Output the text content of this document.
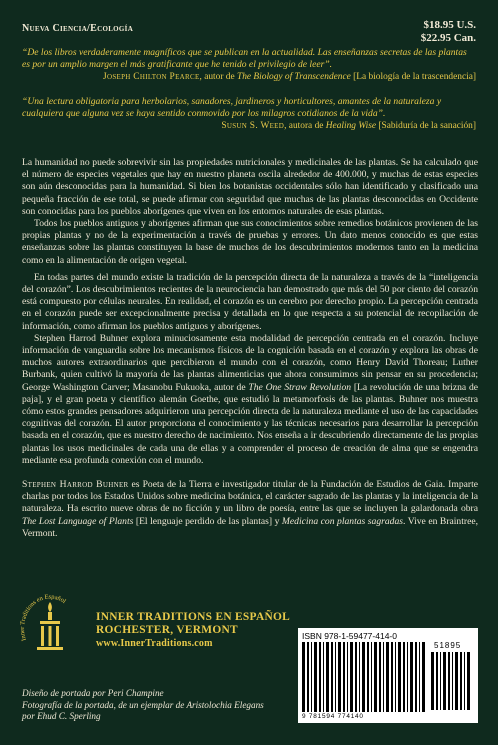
Nueva Ciencia/Ecología	$18.95 U.S.
$22.95 Can.

“De los libros verdaderamente magníficos que se publican en la actualidad. Las enseñanzas secretas de las plantas es por un amplio margen el más gratificante que he tenido el privilegio de leer”.

Joseph Chilton Pearce, autor de The Biology of Transcendence [La biología de la trascendencia]

“Una lectura obligatoria para herbolarios, sanadores, jardineros y horticultores, amantes de la naturaleza y cualquiera que alguna vez se haya sentido conmovido por los milagros cotidianos de la vida”.

Susun S. Weed, autora de Healing Wise [Sabiduría de la sanación]

La humanidad no puede sobrevivir sin las propiedades nutricionales y medicinales de las plantas. Se ha calculado que el número de especies vegetales que hay en nuestro planeta oscila alrededor de 400.000, y muchas de estas especies son aún desconocidas para la humanidad. Si bien los botanistas occidentales sólo han identificado y clasificado una pequeña fracción de ese total, se puede afirmar con seguridad que muchas de las plantas desconocidas en Occidente son conocidas para los pueblos aborígenes que viven en los entornos naturales de esas plantas.

Todos los pueblos antiguos y aborígenes afirman que sus conocimientos sobre remedios botánicos provienen de las propias plantas y no de la experimentación a través de pruebas y errores. Un dato menos conocido es que estas enseñanzas sobre las plantas constituyen la base de muchos de los descubrimientos modernos tanto en la medicina como en la alimentación de origen vegetal.

En todas partes del mundo existe la tradición de la percepción directa de la naturaleza a través de la “inteligencia del corazón”. Los descubrimientos recientes de la neurociencia han demostrado que más del 50 por ciento del corazón está compuesto por células neurales. En realidad, el corazón es un cerebro por derecho propio. La percepción centrada en el corazón puede ser excepcionalmente precisa y detallada en lo que respecta a su potencial de recopilación de información, como afirman los pueblos antiguos y aborígenes.

Stephen Harrod Buhner explora minuciosamente esta modalidad de percepción centrada en el corazón. Incluye información de vanguardia sobre los mecanismos físicos de la cognición basada en el corazón y explora las obras de muchos autores extraordinarios que percibieron el mundo con el corazón, como Henry David Thoreau; Luther Burbank, quien cultivó la mayoría de las plantas alimenticias que ahora consumimos sin pensar en su procedencia; George Washington Carver; Masanobu Fukuoka, autor de The One Straw Revolution [La revolución de una brizna de paja], y el gran poeta y científico alemán Goethe, que estudió la metamorfosis de las plantas. Buhner nos muestra cómo estos grandes pensadores adquirieron una percepción directa de la naturaleza mediante el uso de las capacidades cognitivas del corazón. El autor proporciona el conocimiento y las técnicas necesarios para desarrollar la percepción basada en el corazón, que es nuestro derecho de nacimiento. Nos enseña a ir descubriendo directamente de las propias plantas los usos medicinales de cada una de ellas y a comprender el proceso de creación de alma que se engendra mediante esa profunda conexión con el mundo.

Stephen Harrod Buhner es Poeta de la Tierra e investigador titular de la Fundación de Estudios de Gaia. Imparte charlas por todos los Estados Unidos sobre medicina botánica, el carácter sagrado de las plantas y la inteligencia de la naturaleza. Ha escrito nueve obras de no ficción y un libro de poesía, entre las que se incluyen la galardonada obra The Lost Language of Plants [El lenguaje perdido de las plantas] y Medicina con plantas sagradas. Vive en Braintree, Vermont.

Inner Traditions en Español
INNER TRADITIONS EN ESPAÑOL
ROCHESTER, VERMONT
www.InnerTraditions.com
Diseño de portada por Peri Champine
Fotografía de la portada, de un ejemplar de Aristolochia Elegans
por Ehud C. Sperling
ISBN 978-1-59477-414-0
51895
9 781594 774140
